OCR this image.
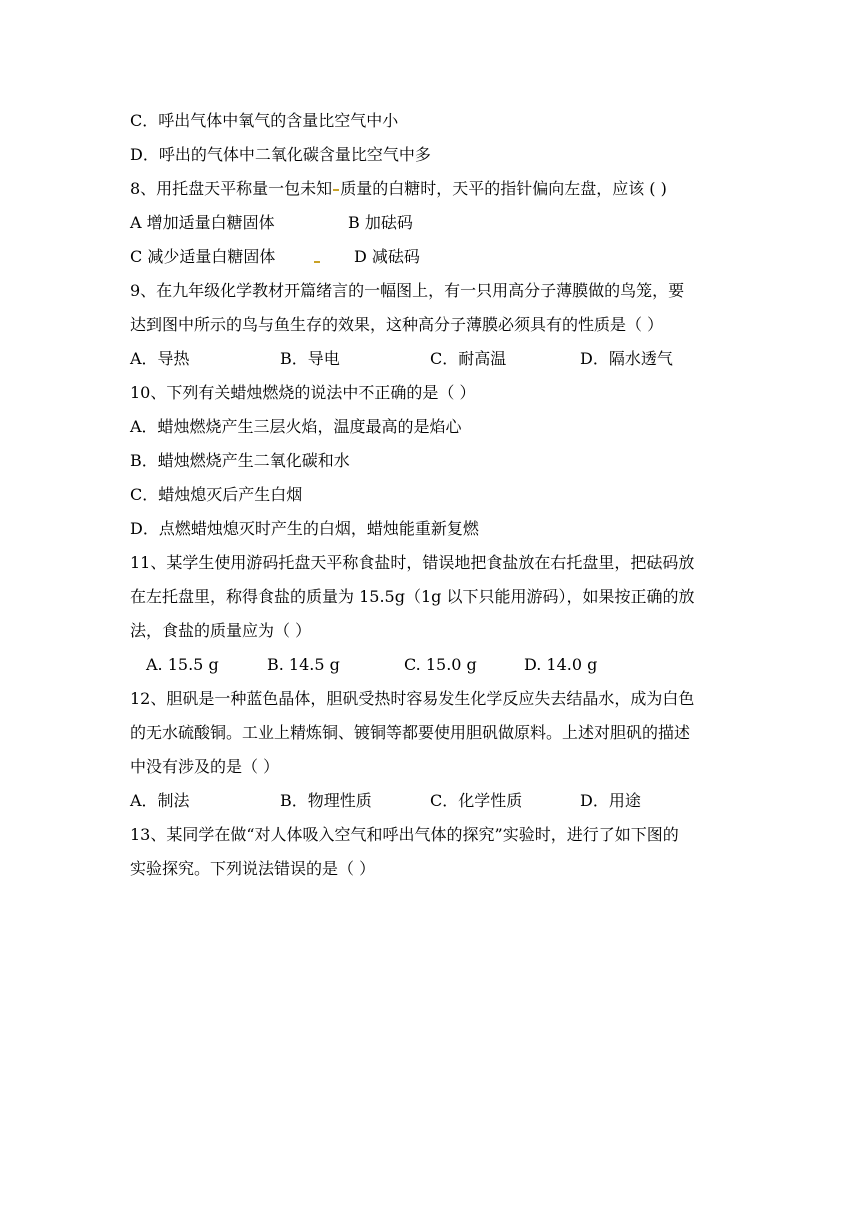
C．呼出气体中氧气的含量比空气中小
D．呼出的气体中二氧化碳含量比空气中多
8、用托盘天平称量一包未知 质量的白糖时，天平的指针偏向左盘，应该 ( )
A 增加适量白糖固体	B 加砝码
C 减少适量白糖固体	D 减砝码
9、在九年级化学教材开篇绪言的一幅图上，有一只用高分子薄膜做的鸟笼，要
达到图中所示的鸟与鱼生存的效果，这种高分子薄膜必须具有的性质是（ ）
A．导热	B．导电	C．耐高温	D．隔水透气
10、下列有关蜡烛燃烧的说法中不正确的是（ ）
A．蜡烛燃烧产生三层火焰，温度最高的是焰心
B．蜡烛燃烧产生二氧化碳和水
C．蜡烛熄灭后产生白烟
D．点燃蜡烛熄灭时产生的白烟，蜡烛能重新复燃
11、某学生使用游码托盘天平称食盐时，错误地把食盐放在右托盘里，把砝码放
在左托盘里，称得食盐的质量为 15.5g（1g 以下只能用游码），如果按正确的放
法，食盐的质量应为（ ）
A. 15.5 g	B. 14.5 g	C. 15.0 g	D. 14.0 g
12、胆矾是一种蓝色晶体，胆矾受热时容易发生化学反应失去结晶水，成为白色
的无水硫酸铜。工业上精炼铜、镀铜等都要使用胆矾做原料。上述对胆矾的描述
中没有涉及的是（ ）
A．制法	B．物理性质	C．化学性质	D．用途
13、某同学在做“对人体吸入空气和呼出气体的探究”实验时，进行了如下图的
实验探究。下列说法错误的是（ ）
